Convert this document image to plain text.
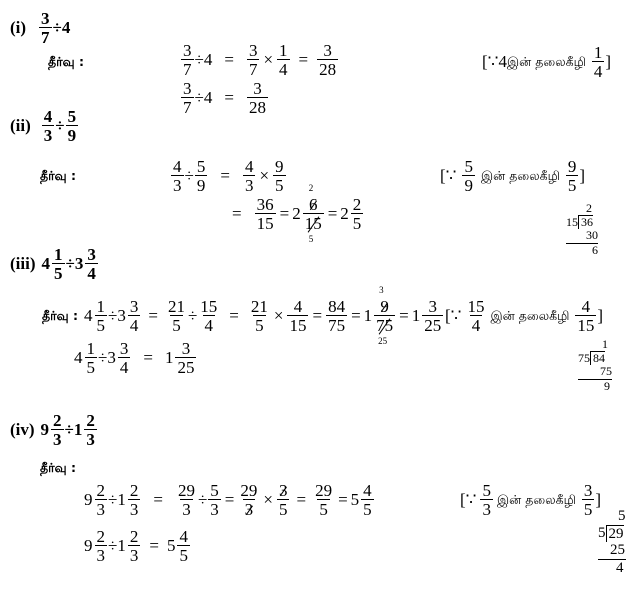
$(i) \frac{3}{7} \div 4$
தீர்வு :	$\frac{3}{7} \div 4 = \frac{3}{7} \times \frac{1}{4} = \frac{3}{28}$
$\frac{3}{7} \div 4 = \frac{3}{28}$
[∵ 4 இன் தலைகீழி $\frac{1}{4}$ ]
$(ii) \frac{4}{3} \div \frac{5}{9}$
தீர்வு :	$\frac{4}{3} \div \frac{5}{9} = \frac{4}{3} \times \frac{9}{5}$
= $\frac{36}{15} = 2$
2
6
15
5
= $2 \frac{2}{5}$
[∵ $\frac{5}{9}$ இன் தலைகீழி $\frac{9}{5}$ ]
2
15 36
30
6
(iii) $4 \frac{1}{5} \div 3 \frac{3}{4}$
தீர்வு : $4 \frac{1}{5} \div 3 \frac{3}{4} = \frac{21}{5} \div \frac{15}{4} = \frac{21}{5} \times \frac{4}{15} = \frac{84}{75} = 1$
3
9
75
25
= $1 \frac{3}{25}$ [∵ $\frac{15}{4}$ இன் தலைகீழி $\frac{4}{15}$ ]
$4 \frac{1}{5} \div 3 \frac{3}{4} = 1 \frac{3}{25}$	1
75 84
75
9
(iv) $9 \frac{2}{3} \div 1 \frac{2}{3}$
தீர்வு :
$9 \frac{2}{3} \div 1 \frac{2}{3} = \frac{29}{3} \div \frac{5}{3} = \frac{29}{3} \times \frac{3}{5} = \frac{29}{5} = 5 \frac{4}{5}$	[∵ $\frac{5}{3}$ இன் தலைகீழி $\frac{3}{5}$ ]
$9 \frac{2}{3} \div 1 \frac{2}{3} = 5 \frac{4}{5}$
5
5 29
25
4
